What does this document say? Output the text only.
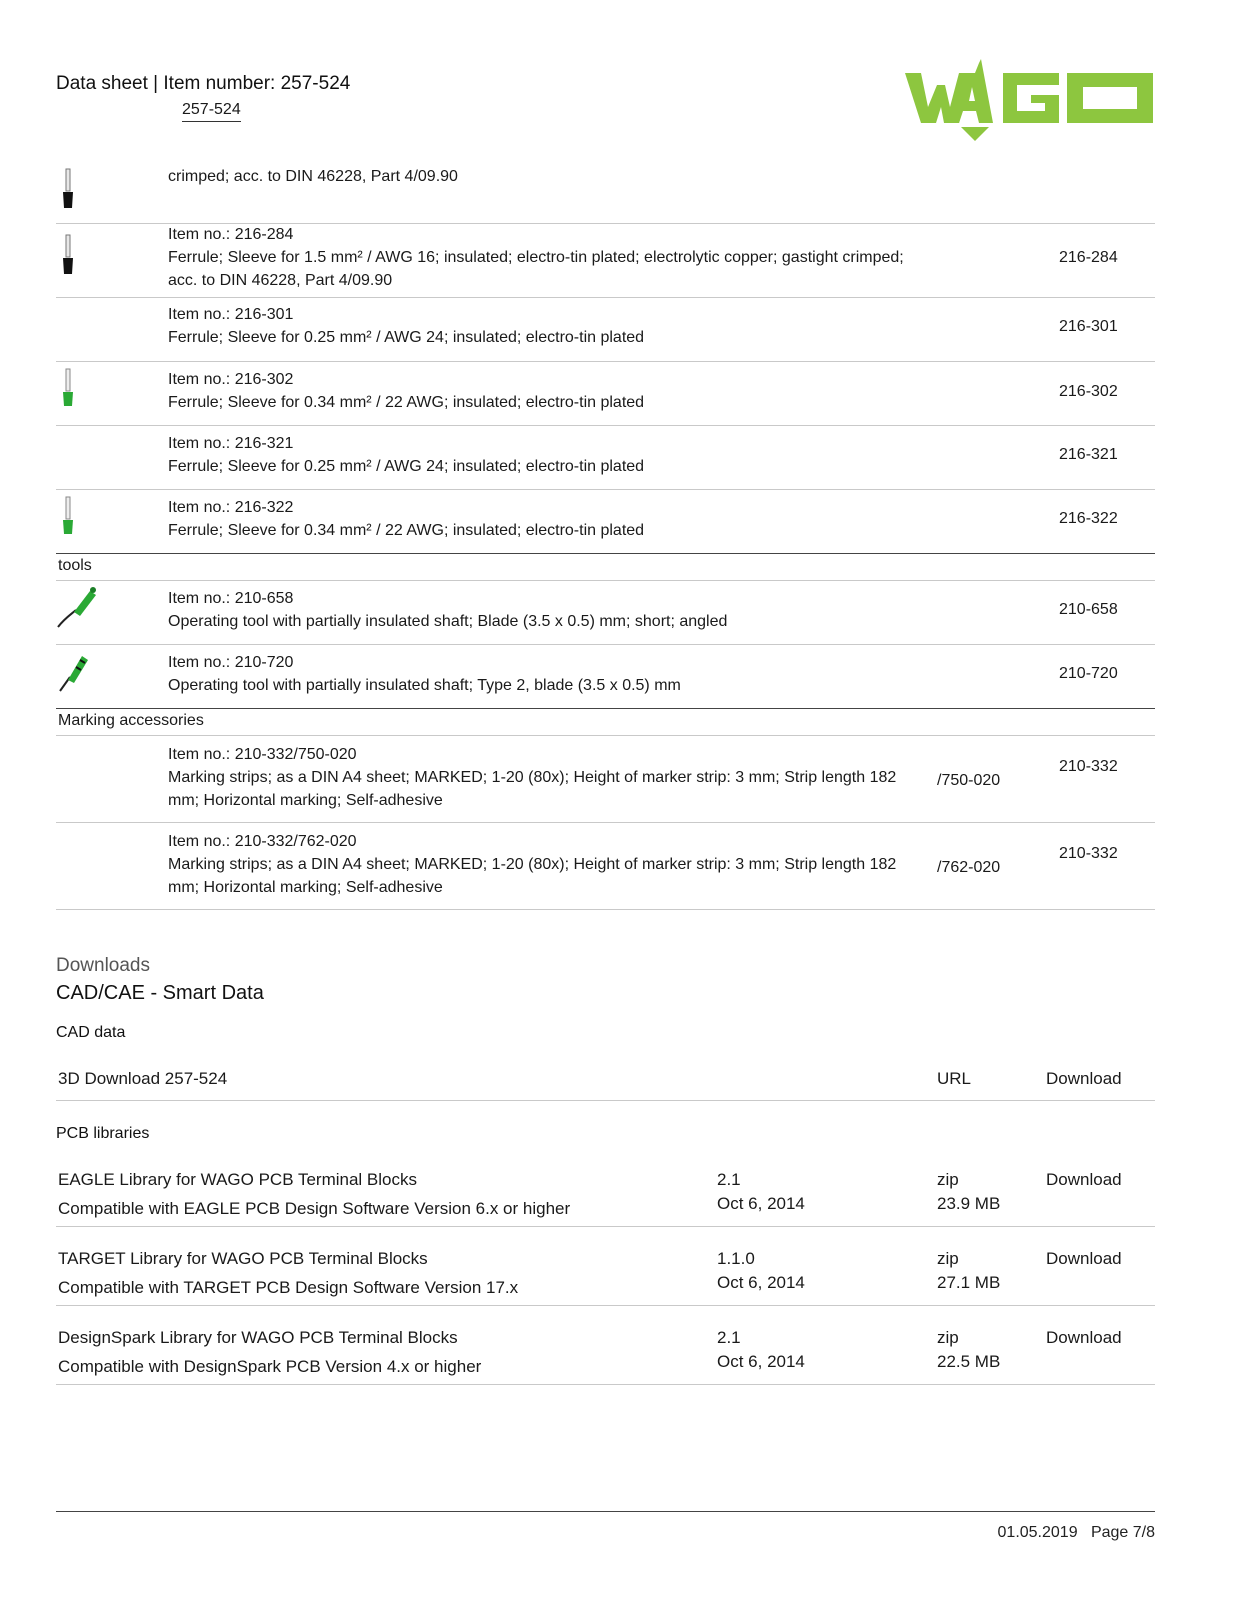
Data sheet | Item number: 257-524
257-524
crimped; acc. to DIN 46228, Part 4/09.90
Item no.: 216-284
Ferrule; Sleeve for 1.5 mm² / AWG 16; insulated; electro-tin plated; electrolytic copper; gastight crimped; acc. to DIN 46228, Part 4/09.90
216-284
Item no.: 216-301
Ferrule; Sleeve for 0.25 mm² / AWG 24; insulated; electro-tin plated
216-301
Item no.: 216-302
Ferrule; Sleeve for 0.34 mm² / 22 AWG; insulated; electro-tin plated
216-302
Item no.: 216-321
Ferrule; Sleeve for 0.25 mm² / AWG 24; insulated; electro-tin plated
216-321
Item no.: 216-322
Ferrule; Sleeve for 0.34 mm² / 22 AWG; insulated; electro-tin plated
216-322
tools
Item no.: 210-658
Operating tool with partially insulated shaft; Blade (3.5 x 0.5) mm; short; angled
210-658
Item no.: 210-720
Operating tool with partially insulated shaft; Type 2, blade (3.5 x 0.5) mm
210-720
Marking accessories
Item no.: 210-332/750-020
Marking strips; as a DIN A4 sheet; MARKED; 1-20 (80x); Height of marker strip: 3 mm; Strip length 182 mm; Horizontal marking; Self-adhesive
/750-020
210-332
Item no.: 210-332/762-020
Marking strips; as a DIN A4 sheet; MARKED; 1-20 (80x); Height of marker strip: 3 mm; Strip length 182 mm; Horizontal marking; Self-adhesive
/762-020
210-332
Downloads
CAD/CAE - Smart Data
CAD data
3D Download 257-524	URL	Download
PCB libraries
EAGLE Library for WAGO PCB Terminal Blocks
Compatible with EAGLE PCB Design Software Version 6.x or higher
2.1
Oct 6, 2014
zip
23.9 MB
Download
TARGET Library for WAGO PCB Terminal Blocks
Compatible with TARGET PCB Design Software Version 17.x
1.1.0
Oct 6, 2014
zip
27.1 MB
Download
DesignSpark Library for WAGO PCB Terminal Blocks
Compatible with DesignSpark PCB Version 4.x or higher
2.1
Oct 6, 2014
zip
22.5 MB
Download
01.05.2019 Page 7/8
